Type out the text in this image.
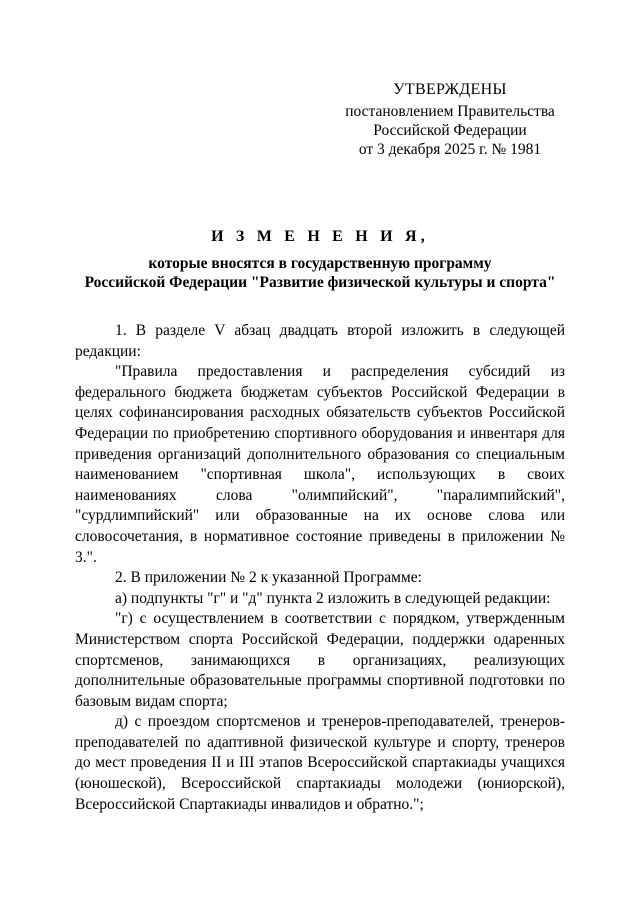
УТВЕРЖДЕНЫ
постановлением Правительства
Российской Федерации
от 3 декабря 2025 г. № 1981
И З М Е Н Е Н И Я,
которые вносятся в государственную программу
Российской Федерации "Развитие физической культуры и спорта"

1. В разделе V абзац двадцать второй изложить в следующей редакции:

"Правила предоставления и распределения субсидий из федерального бюджета бюджетам субъектов Российской Федерации в целях софинансирования расходных обязательств субъектов Российской Федерации по приобретению спортивного оборудования и инвентаря для приведения организаций дополнительного образования со специальным наименованием "спортивная школа", использующих в своих наименованиях слова "олимпийский", "паралимпийский", "сурдлимпийский" или образованные на их основе слова или словосочетания, в нормативное состояние приведены в приложении № 3.".

2. В приложении № 2 к указанной Программе:

а) подпункты "г" и "д" пункта 2 изложить в следующей редакции:

"г) с осуществлением в соответствии с порядком, утвержденным Министерством спорта Российской Федерации, поддержки одаренных спортсменов, занимающихся в организациях, реализующих дополнительные образовательные программы спортивной подготовки по базовым видам спорта;

д) с проездом спортсменов и тренеров-преподавателей, тренеров-преподавателей по адаптивной физической культуре и спорту, тренеров до мест проведения II и III этапов Всероссийской спартакиады учащихся (юношеской), Всероссийской спартакиады молодежи (юниорской), Всероссийской Спартакиады инвалидов и обратно.";
